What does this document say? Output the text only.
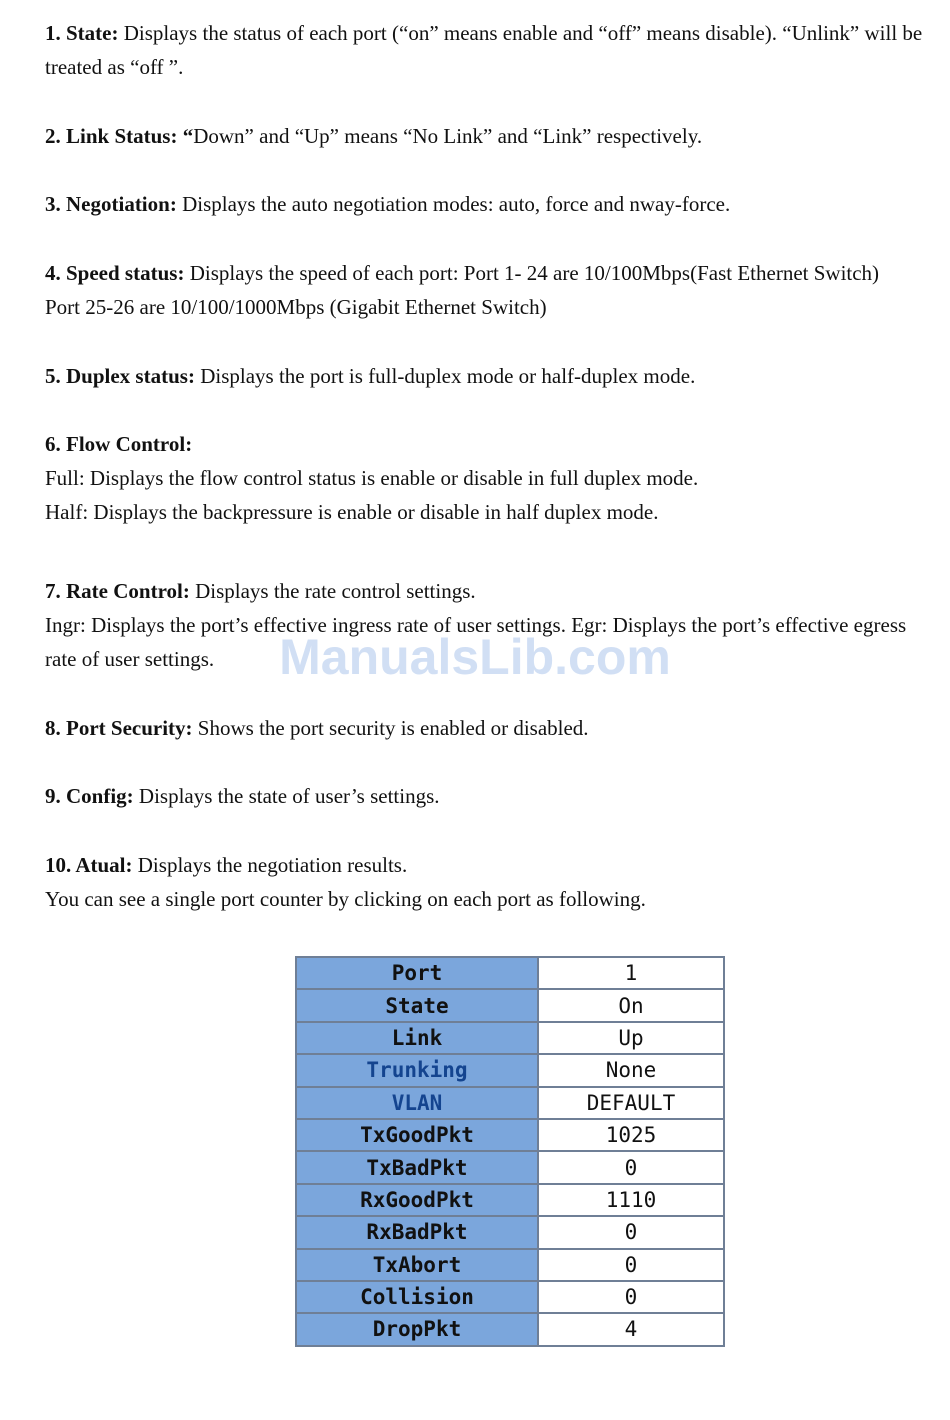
1. State: Displays the status of each port (“on” means enable and “off” means disable). “Unlink” will be
treated as “off ”.
2. Link Status: “Down” and “Up” means “No Link” and “Link” respectively.
3. Negotiation: Displays the auto negotiation modes: auto, force and nway-force.
4. Speed status: Displays the speed of each port: Port 1- 24 are 10/100Mbps(Fast Ethernet Switch)
Port 25-26 are 10/100/1000Mbps (Gigabit Ethernet Switch)
5. Duplex status: Displays the port is full-duplex mode or half-duplex mode.
6. Flow Control:
Full: Displays the flow control status is enable or disable in full duplex mode.
Half: Displays the backpressure is enable or disable in half duplex mode.
7. Rate Control: Displays the rate control settings.
Ingr: Displays the port’s effective ingress rate of user settings. Egr: Displays the port’s effective egress
rate of user settings.
8. Port Security: Shows the port security is enabled or disabled.
9. Config: Displays the state of user’s settings.
10. Atual: Displays the negotiation results.
You can see a single port counter by clicking on each port as following.
ManualsLib.com
Port	1
State	On
Link	Up
Trunking	None
VLAN	DEFAULT
TxGoodPkt	1025
TxBadPkt	0
RxGoodPkt	1110
RxBadPkt	0
TxAbort	0
Collision	0
DropPkt	4
